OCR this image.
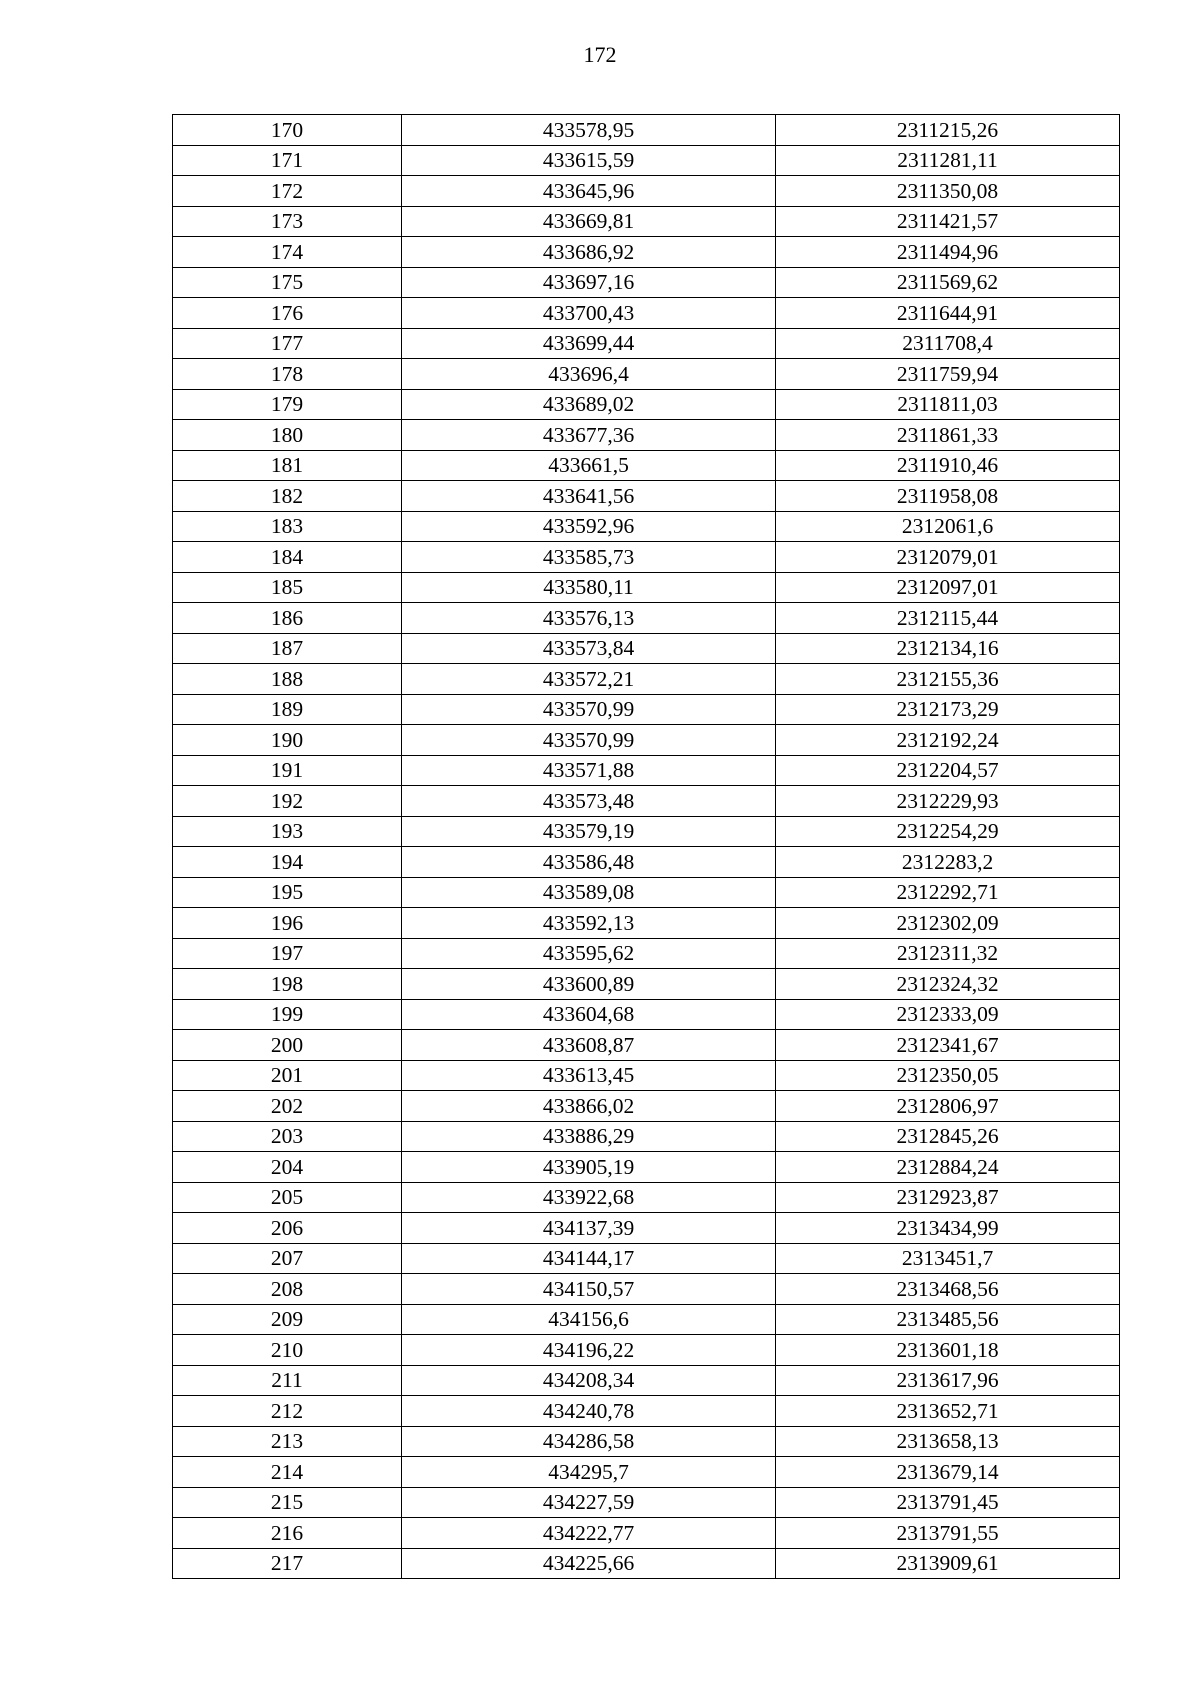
172
170	433578,95	2311215,26
171	433615,59	2311281,11
172	433645,96	2311350,08
173	433669,81	2311421,57
174	433686,92	2311494,96
175	433697,16	2311569,62
176	433700,43	2311644,91
177	433699,44	2311708,4
178	433696,4	2311759,94
179	433689,02	2311811,03
180	433677,36	2311861,33
181	433661,5	2311910,46
182	433641,56	2311958,08
183	433592,96	2312061,6
184	433585,73	2312079,01
185	433580,11	2312097,01
186	433576,13	2312115,44
187	433573,84	2312134,16
188	433572,21	2312155,36
189	433570,99	2312173,29
190	433570,99	2312192,24
191	433571,88	2312204,57
192	433573,48	2312229,93
193	433579,19	2312254,29
194	433586,48	2312283,2
195	433589,08	2312292,71
196	433592,13	2312302,09
197	433595,62	2312311,32
198	433600,89	2312324,32
199	433604,68	2312333,09
200	433608,87	2312341,67
201	433613,45	2312350,05
202	433866,02	2312806,97
203	433886,29	2312845,26
204	433905,19	2312884,24
205	433922,68	2312923,87
206	434137,39	2313434,99
207	434144,17	2313451,7
208	434150,57	2313468,56
209	434156,6	2313485,56
210	434196,22	2313601,18
211	434208,34	2313617,96
212	434240,78	2313652,71
213	434286,58	2313658,13
214	434295,7	2313679,14
215	434227,59	2313791,45
216	434222,77	2313791,55
217	434225,66	2313909,61
